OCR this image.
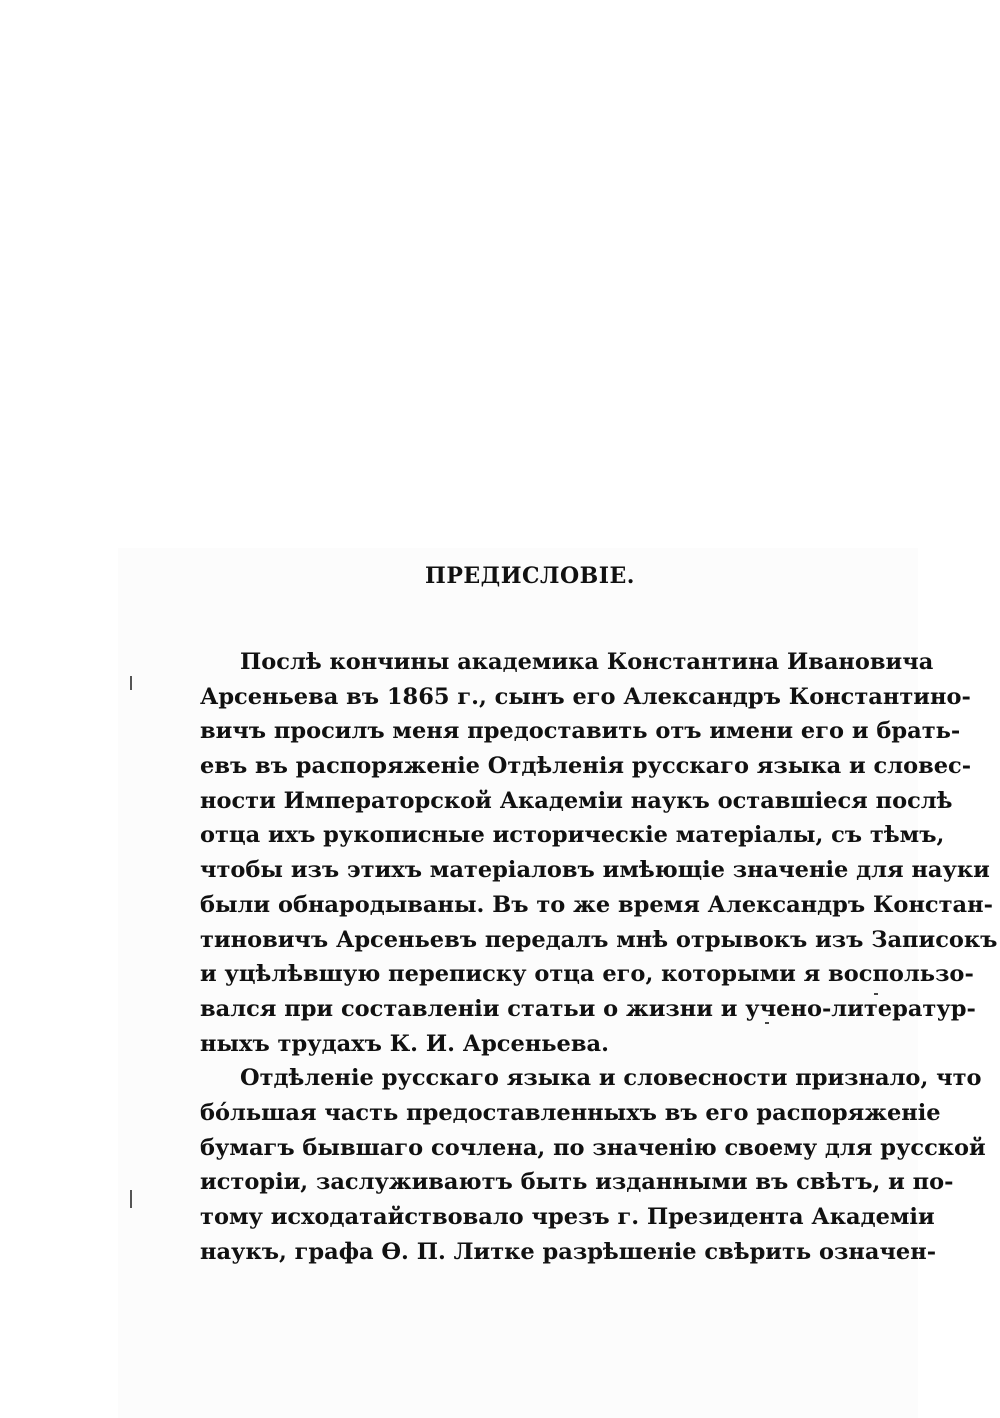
ПРЕДИСЛОВІЕ.
Послѣ кончины академика Константина Ивановича
Арсеньева въ 1865 г., сынъ его Александръ Константино-
вичъ просилъ меня предоставить отъ имени его и брать-
евъ въ распоряженіе Отдѣленія русскаго языка и словес-
ности Императорской Академіи наукъ оставшіеся послѣ
отца ихъ рукописные историческіе матеріалы, съ тѣмъ,
чтобы изъ этихъ матеріаловъ имѣющіе значеніе для науки
были обнародываны. Въ то же время Александръ Констан-
тиновичъ Арсеньевъ передалъ мнѣ отрывокъ изъ Записокъ
и уцѣлѣвшую переписку отца его, которыми я воспользо-
вался при составленіи статьи о жизни и учено-литератур-
ныхъ трудахъ К. И. Арсеньева.
Отдѣленіе русскаго языка и словесности признало, что
бо́льшая часть предоставленныхъ въ его распоряженіе
бумагъ бывшаго сочлена, по значенію своему для русской
исторіи, заслуживаютъ быть изданными въ свѣтъ, и по-
тому исходатайствовало чрезъ г. Президента Академіи
наукъ, графа Ѳ. П. Литке разрѣшеніе свѣрить означен-
